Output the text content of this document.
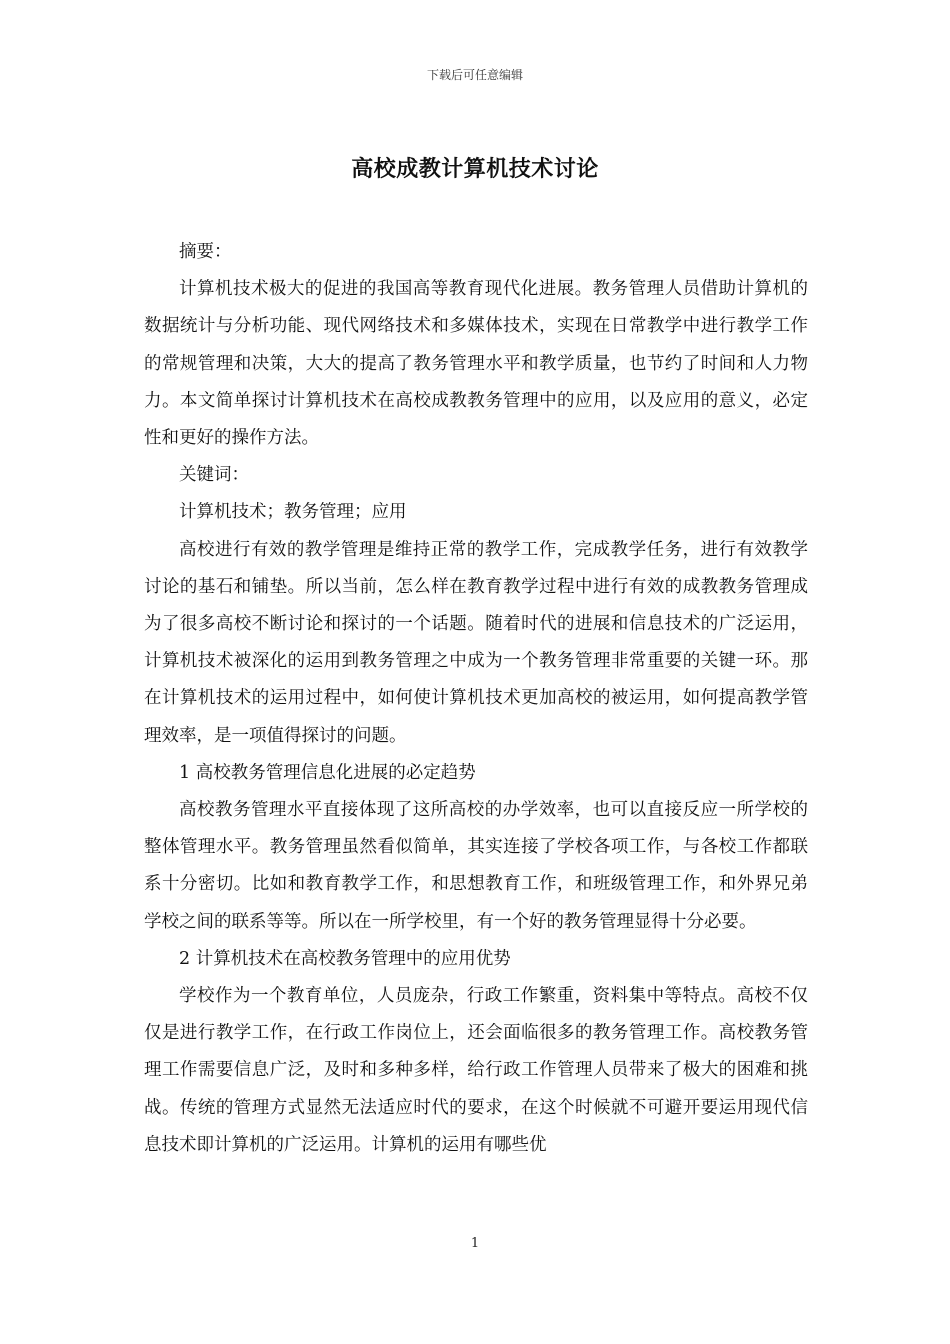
下载后可任意编辑
高校成教计算机技术讨论

摘要：

计算机技术极大的促进的我国高等教育现代化进展。教务管理人员借助计算机的数据统计与分析功能、现代网络技术和多媒体技术，实现在日常教学中进行教学工作的常规管理和决策，大大的提高了教务管理水平和教学质量，也节约了时间和人力物力。本文简单探讨计算机技术在高校成教教务管理中的应用，以及应用的意义，必定性和更好的操作方法。

关键词：

计算机技术；教务管理；应用

高校进行有效的教学管理是维持正常的教学工作，完成教学任务，进行有效教学讨论的基石和铺垫。所以当前，怎么样在教育教学过程中进行有效的成教教务管理成为了很多高校不断讨论和探讨的一个话题。随着时代的进展和信息技术的广泛运用，计算机技术被深化的运用到教务管理之中成为一个教务管理非常重要的关键一环。那在计算机技术的运用过程中，如何使计算机技术更加高校的被运用，如何提高教学管理效率，是一项值得探讨的问题。

1 高校教务管理信息化进展的必定趋势

高校教务管理水平直接体现了这所高校的办学效率，也可以直接反应一所学校的整体管理水平。教务管理虽然看似简单，其实连接了学校各项工作，与各校工作都联系十分密切。比如和教育教学工作，和思想教育工作，和班级管理工作，和外界兄弟学校之间的联系等等。所以在一所学校里，有一个好的教务管理显得十分必要。

2 计算机技术在高校教务管理中的应用优势

学校作为一个教育单位，人员庞杂，行政工作繁重，资料集中等特点。高校不仅仅是进行教学工作，在行政工作岗位上，还会面临很多的教务管理工作。高校教务管理工作需要信息广泛，及时和多种多样，给行政工作管理人员带来了极大的困难和挑战。传统的管理方式显然无法适应时代的要求，在这个时候就不可避开要运用现代信息技术即计算机的广泛运用。计算机的运用有哪些优

1
